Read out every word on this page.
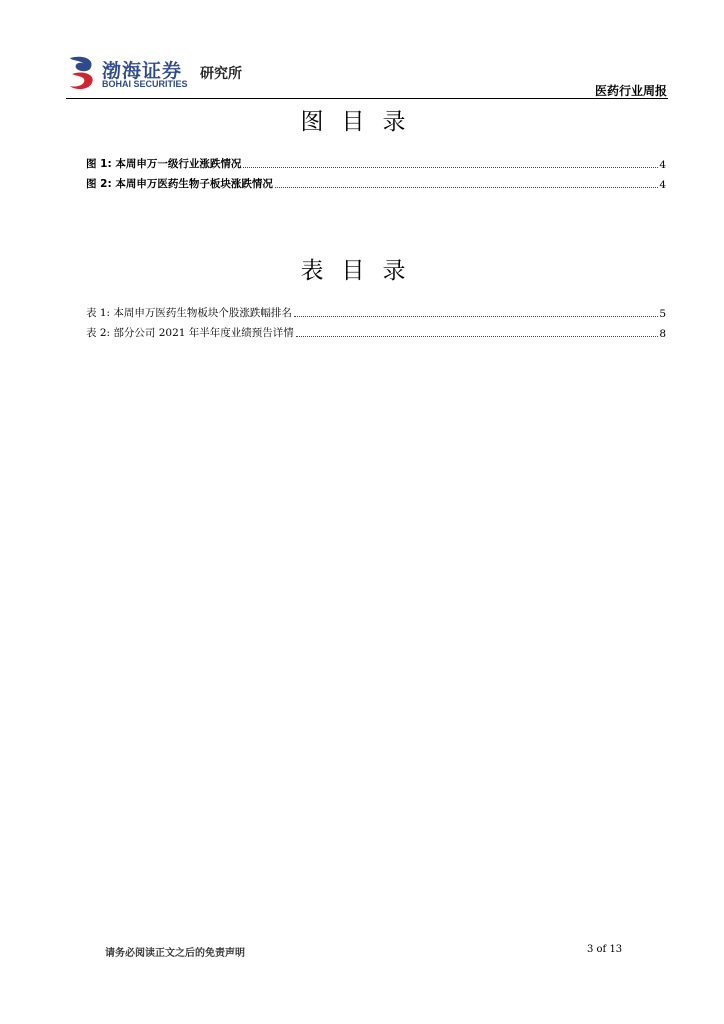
渤海证券
BOHAI SECURITIES
研究所
医药行业周报
图目录
图 1: 本周申万一级行业涨跌情况	4
图 2: 本周申万医药生物子板块涨跌情况	4
表目录
表 1: 本周申万医药生物板块个股涨跌幅排名	5
表 2: 部分公司 2021 年半年度业绩预告详情	8
请务必阅读正文之后的免责声明	3 of 13
